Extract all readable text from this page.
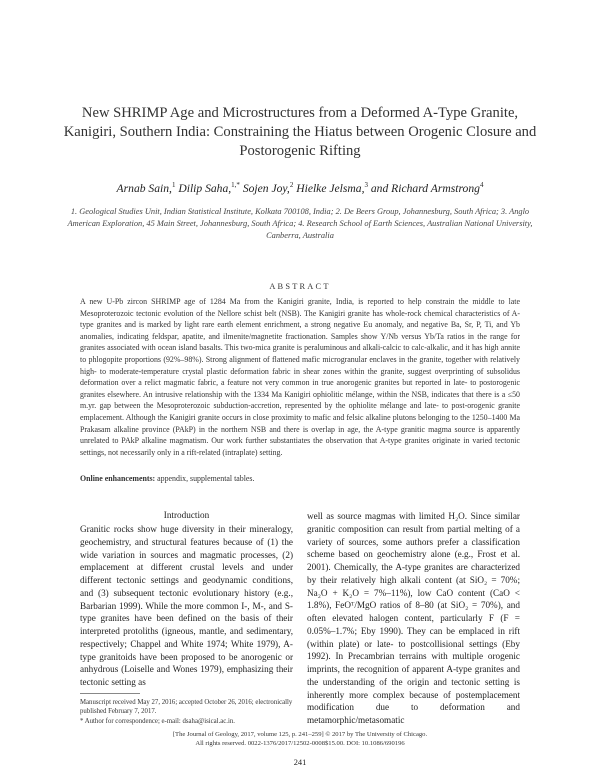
New SHRIMP Age and Microstructures from a Deformed A-Type Granite, Kanigiri, Southern India: Constraining the Hiatus between Orogenic Closure and Postorogenic Rifting
Arnab Sain,$^1$ Dilip Saha,$^{1,*}$ Sojen Joy,$^2$ Hielke Jelsma,$^3$ and Richard Armstrong$^4$
1. Geological Studies Unit, Indian Statistical Institute, Kolkata 700108, India; 2. De Beers Group, Johannesburg, South Africa; 3. Anglo American Exploration, 45 Main Street, Johannesburg, South Africa; 4. Research School of Earth Sciences, Australian National University, Canberra, Australia
ABSTRACT
A new U-Pb zircon SHRIMP age of 1284 Ma from the Kanigiri granite, India, is reported to help constrain the middle to late Mesoproterozoic tectonic evolution of the Nellore schist belt (NSB). The Kanigiri granite has whole-rock chemical characteristics of A-type granites and is marked by light rare earth element enrichment, a strong negative Eu anomaly, and negative Ba, Sr, P, Ti, and Yb anomalies, indicating feldspar, apatite, and ilmenite/magnetite fractionation. Samples show Y/Nb versus Yb/Ta ratios in the range for granites associated with ocean island basalts. This two-mica granite is peraluminous and alkali-calcic to calc-alkalic, and it has high annite to phlogopite proportions (92%–98%). Strong alignment of flattened mafic microgranular enclaves in the granite, together with relatively high- to moderate-temperature crystal plastic deformation fabric in shear zones within the granite, suggest overprinting of subsolidus deformation over a relict magmatic fabric, a feature not very common in true anorogenic granites but reported in late- to postorogenic granites elsewhere. An intrusive relationship with the 1334 Ma Kanigiri ophiolitic mélange, within the NSB, indicates that there is a ≤50 m.yr. gap between the Mesoproterozoic subduction-accretion, represented by the ophiolite mélange and late- to post-orogenic granite emplacement. Although the Kanigiri granite occurs in close proximity to mafic and felsic alkaline plutons belonging to the 1250–1400 Ma Prakasam alkaline province (PAkP) in the northern NSB and there is overlap in age, the A-type granitic magma source is apparently unrelated to PAkP alkaline magmatism. Our work further substantiates the observation that A-type granites originate in varied tectonic settings, not necessarily only in a rift-related (intraplate) setting.
Online enhancements: appendix, supplemental tables.
Introduction
Granitic rocks show huge diversity in their mineralogy, geochemistry, and structural features because of (1) the wide variation in sources and magmatic processes, (2) emplacement at different crustal levels and under different tectonic settings and geodynamic conditions, and (3) subsequent tectonic evolutionary history (e.g., Barbarian 1999). While the more common I-, M-, and S-type granites have been defined on the basis of their interpreted protoliths (igneous, mantle, and sedimentary, respectively; Chappel and White 1974; White 1979), A-type granitoids have been proposed to be anorogenic or anhydrous (Loiselle and Wones 1979), emphasizing their tectonic setting as
well as source magmas with limited H₂O. Since similar granitic composition can result from partial melting of a variety of sources, some authors prefer a classification scheme based on geochemistry alone (e.g., Frost et al. 2001). Chemically, the A-type granites are characterized by their relatively high alkali content (at SiO₂ = 70%; Na₂O + K₂O = 7%–11%), low CaO content (CaO < 1.8%), FeOᵀ/MgO ratios of 8–80 (at SiO₂ = 70%), and often elevated halogen content, particularly F (F = 0.05%–1.7%; Eby 1990). They can be emplaced in rift (within plate) or late- to postcollisional settings (Eby 1992). In Precambrian terrains with multiple orogenic imprints, the recognition of apparent A-type granites and the understanding of the origin and tectonic setting is inherently more complex because of postemplacement modification due to deformation and metamorphic/metasomatic
Manuscript received May 27, 2016; accepted October 26, 2016; electronically published February 7, 2017.
* Author for correspondence; e-mail: dsaha@isical.ac.in.
[The Journal of Geology, 2017, volume 125, p. 241–259] © 2017 by The University of Chicago.
All rights reserved. 0022-1376/2017/12502-0008$15.00. DOI: 10.1086/690196
241
